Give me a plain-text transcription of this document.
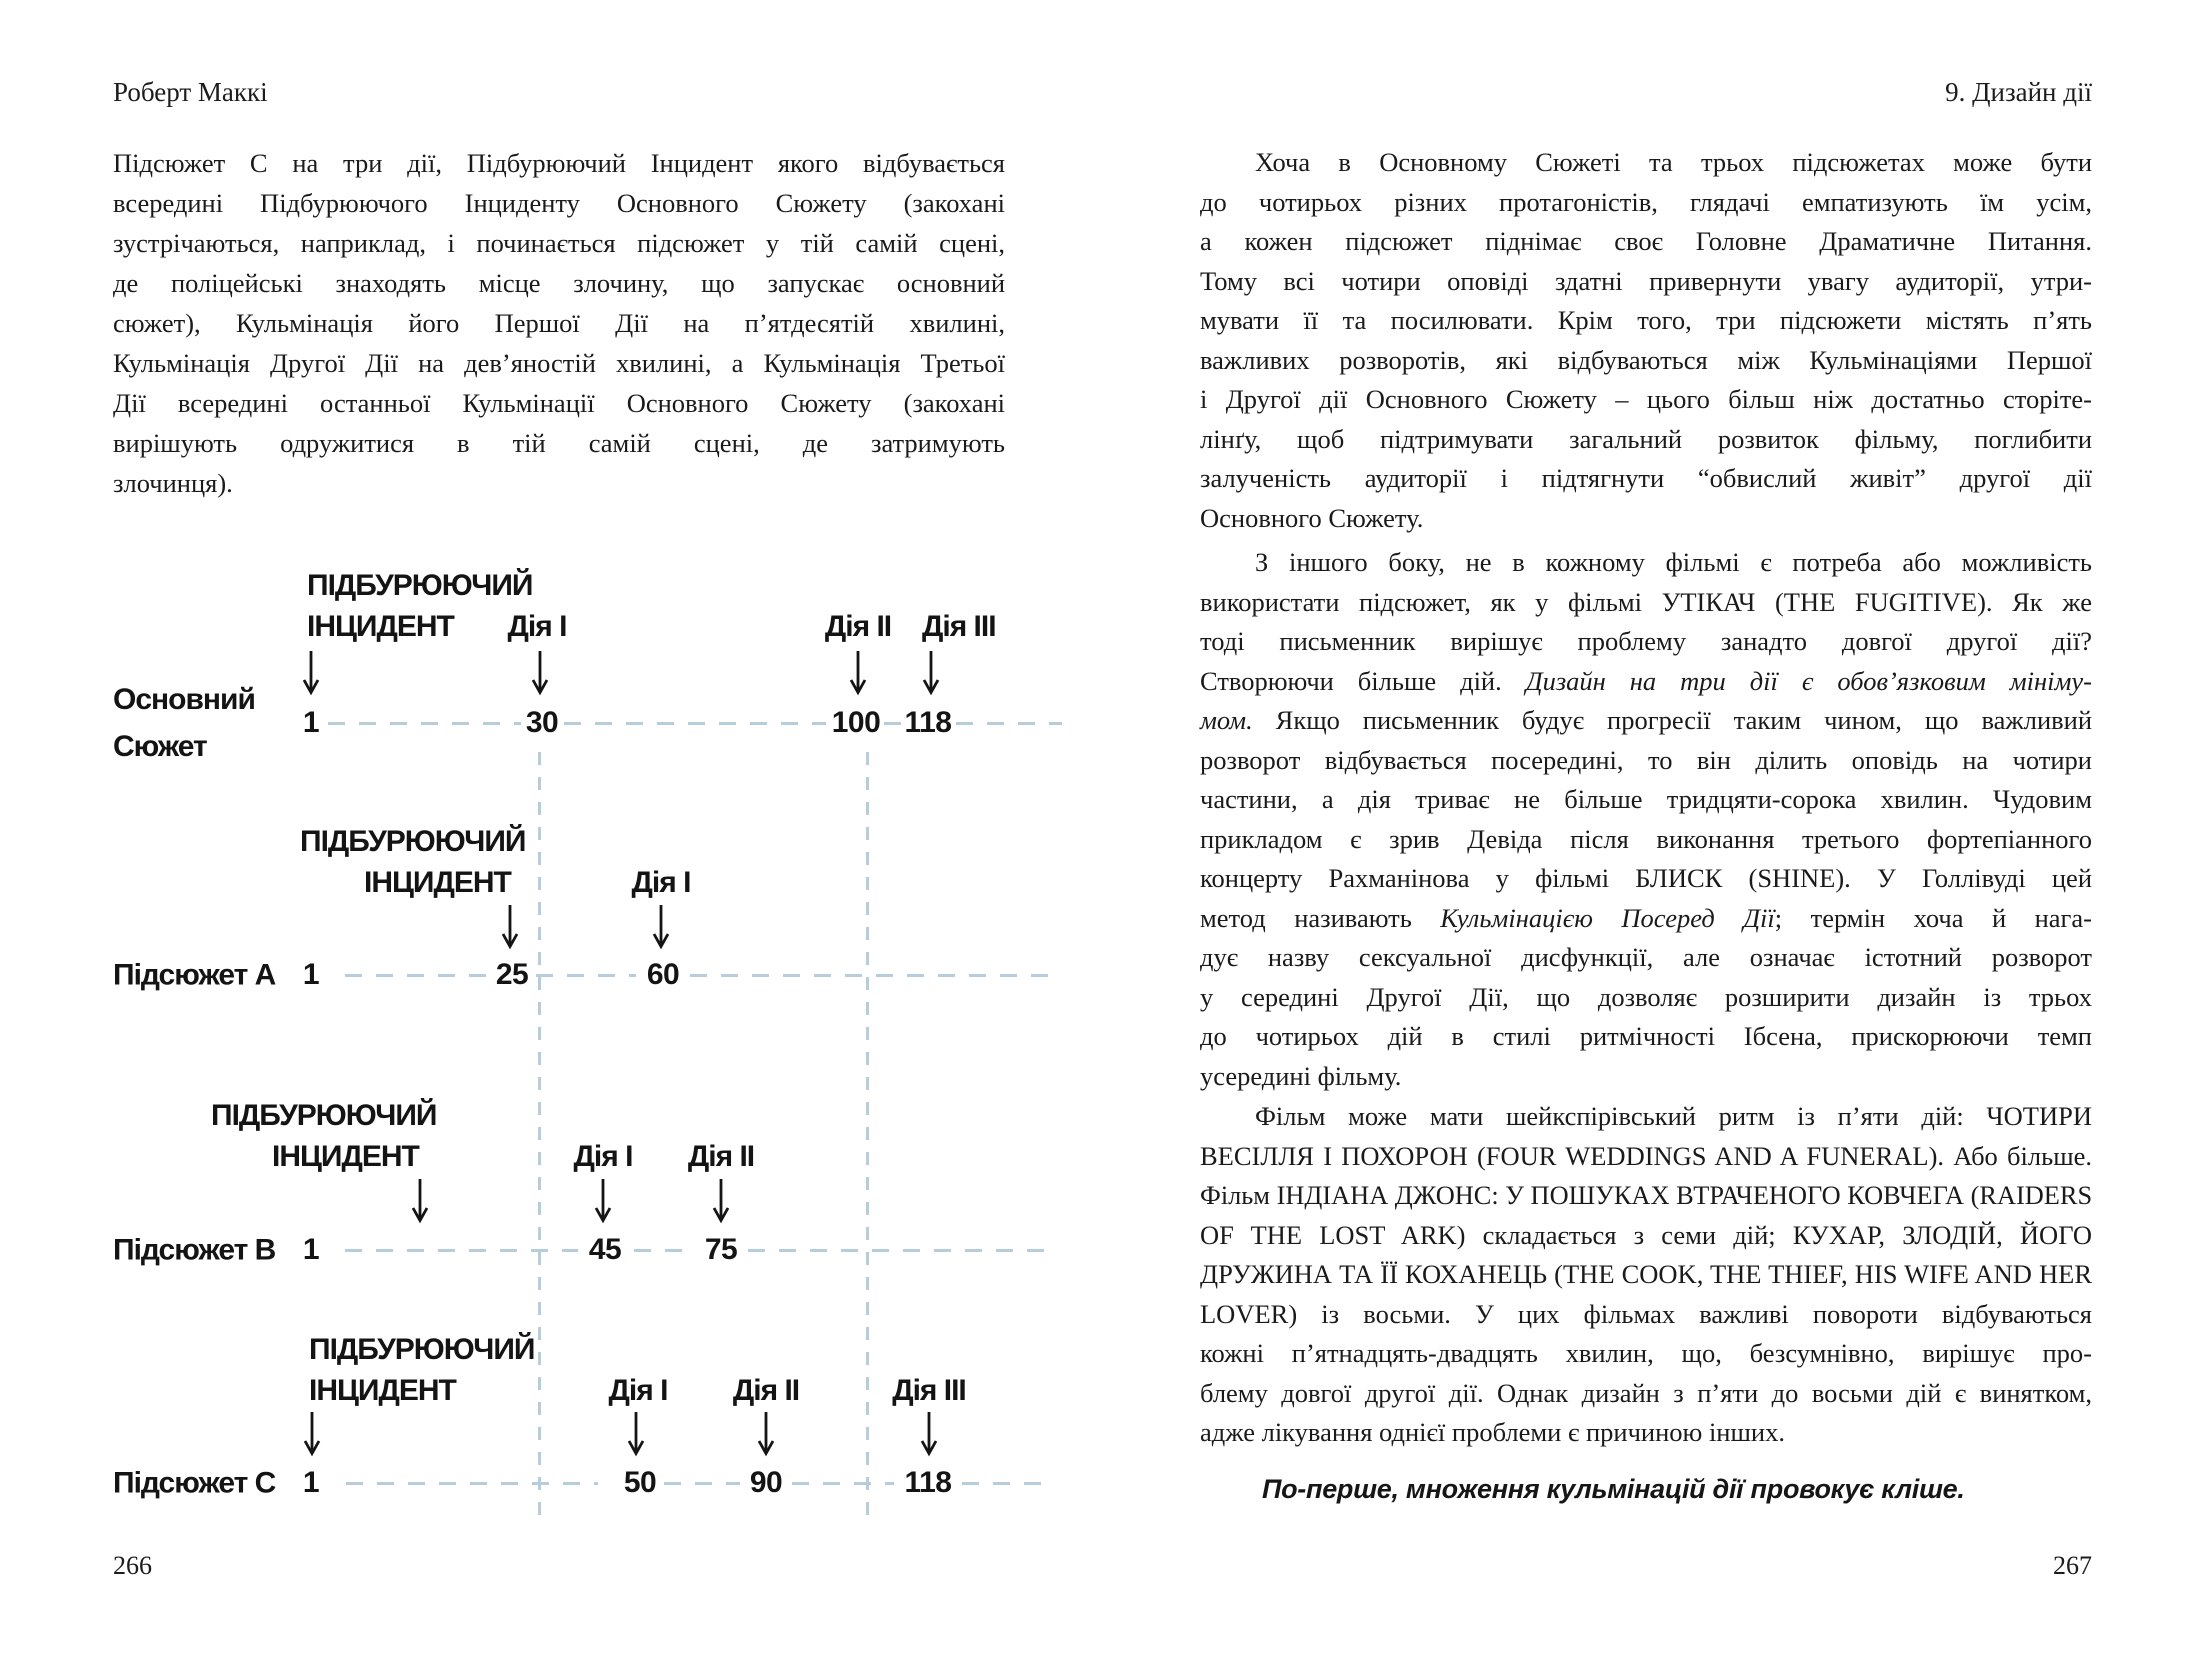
Роберт Маккі	9. Дизайн дії
Підсюжет С на три дії, Підбурюючий Інцидент якого відбувається
всередині Підбурюючого Інциденту Основного Сюжету (закохані
зустрічаються, наприклад, і починається підсюжет у тій самій сцені,
де поліцейські знаходять місце злочину, що запускає основний
сюжет), Кульмінація його Першої Дії на п’ятдесятій хвилині,
Кульмінація Другої Дії на дев’яностій хвилині, а Кульмінація Третьої
Дії всередині останньої Кульмінації Основного Сюжету (закохані
вирішують одружитися в тій самій сцені, де затримують
злочинця).
Основний
Сюжет
ПІДБУРЮЮЧИЙ
ІНЦИДЕНТ Дія I	Дія II Дія III
1	30	100 118
Підсюжет А
ПІДБУРЮЮЧИЙ
ІНЦИДЕНТ	Дія I
1	25	60
Підсюжет В
ПІДБУРЮЮЧИЙ
ІНЦИДЕНТ	Дія I Дія II
1	45	75
Підсюжет С
ПІДБУРЮЮЧИЙ
ІНЦИДЕНТ	Дія I Дія II	Дія III
1	50	90	118
Хоча в Основному Сюжеті та трьох підсюжетах може бути
до чотирьох різних протагоністів, глядачі емпатизують їм усім,
а кожен підсюжет піднімає своє Головне Драматичне Питання.
Тому всі чотири оповіді здатні привернути увагу аудиторії, утри-
мувати її та посилювати. Крім того, три підсюжети містять п’ять
важливих розворотів, які відбуваються між Кульмінаціями Першої
і Другої дії Основного Сюжету – цього більш ніж достатньо сторіте-
лінґу, щоб підтримувати загальний розвиток фільму, поглибити
залученість аудиторії і підтягнути “обвислий живіт” другої дії
Основного Сюжету.
З іншого боку, не в кожному фільмі є потреба або можливість
використати підсюжет, як у фільмі УТІКАЧ (THE FUGITIVE). Як же
тоді письменник вирішує проблему занадто довгої другої дії?
Створюючи більше дій. Дизайн на три дії є обов’язковим мініму-
мом. Якщо письменник будує прогресії таким чином, що важливий
розворот відбувається посередині, то він ділить оповідь на чотири
частини, а дія триває не більше тридцяти-сорока хвилин. Чудовим
прикладом є зрив Девіда після виконання третього фортепіанного
концерту Рахманінова у фільмі БЛИСК (SHINE). У Голлівуді цей
метод називають Кульмінацією Посеред Дії; термін хоча й нага-
дує назву сексуальної дисфункції, але означає істотний розворот
у середині Другої Дії, що дозволяє розширити дизайн із трьох
до чотирьох дій в стилі ритмічності Ібсена, прискорюючи темп
усередині фільму.
Фільм може мати шейкспірівський ритм із п’яти дій: ЧОТИРИ
ВЕСІЛЛЯ І ПОХОРОН (FOUR WEDDINGS AND A FUNERAL). Або більше.
Фільм ІНДІАНА ДЖОНС: У ПОШУКАХ ВТРАЧЕНОГО КОВЧЕГА (RAIDERS
OF THE LOST ARK) складається з семи дій; КУХАР, ЗЛОДІЙ, ЙОГО
ДРУЖИНА ТА ЇЇ КОХАНЕЦЬ (THE COOK, THE THIEF, HIS WIFE AND HER
LOVER) із восьми. У цих фільмах важливі повороти відбуваються
кожні п’ятнадцять-двадцять хвилин, що, безсумнівно, вирішує про-
блему довгої другої дії. Однак дизайн з п’яти до восьми дій є винятком,
адже лікування однієї проблеми є причиною інших.
По-перше, множення кульмінацій дії провокує кліше.
266	267
